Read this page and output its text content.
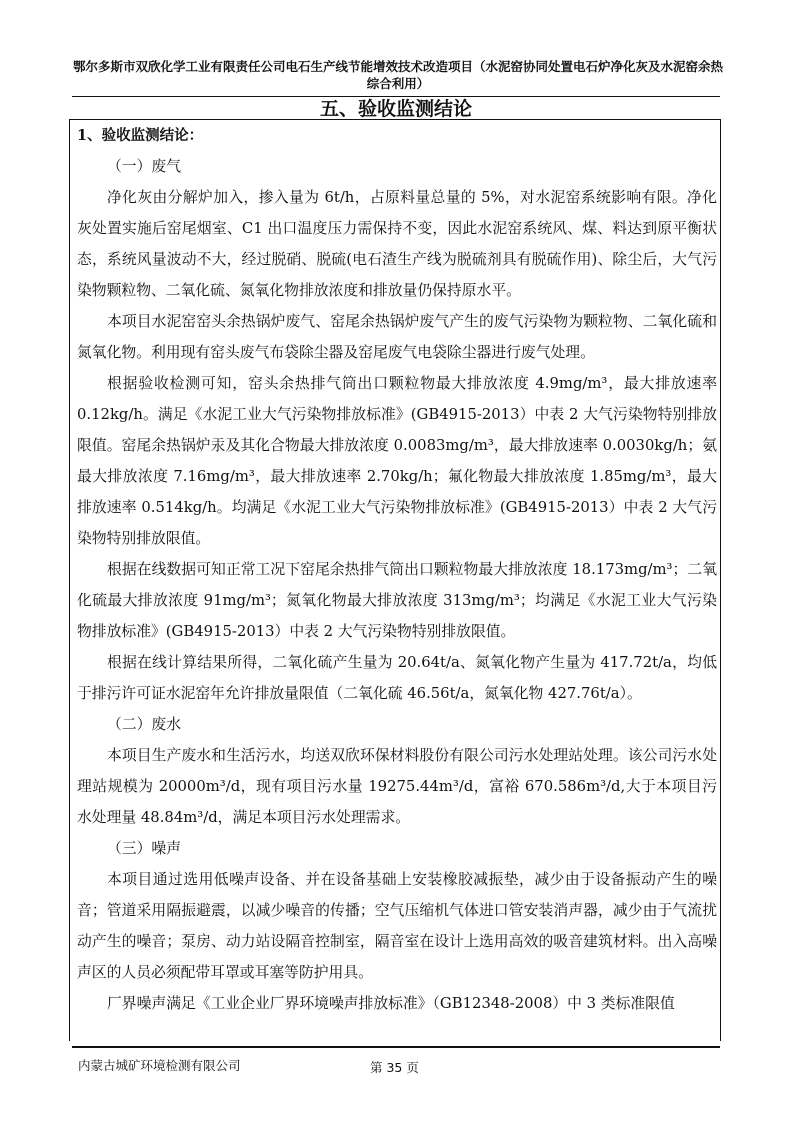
鄂尔多斯市双欣化学工业有限责任公司电石生产线节能增效技术改造项目（水泥窑协同处置电石炉净化灰及水泥窑余热综合利用）
五、验收监测结论

1、验收监测结论：

（一）废气

净化灰由分解炉加入，掺入量为 6t/h，占原料量总量的 5%，对水泥窑系统影响有限。净化灰处置实施后窑尾烟室、C1 出口温度压力需保持不变，因此水泥窑系统风、煤、料达到原平衡状态，系统风量波动不大，经过脱硝、脱硫(电石渣生产线为脱硫剂具有脱硫作用)、除尘后，大气污染物颗粒物、二氧化硫、氮氧化物排放浓度和排放量仍保持原水平。

本项目水泥窑窑头余热锅炉废气、窑尾余热锅炉废气产生的废气污染物为颗粒物、二氧化硫和氮氧化物。利用现有窑头废气布袋除尘器及窑尾废气电袋除尘器进行废气处理。

根据验收检测可知，窑头余热排气筒出口颗粒物最大排放浓度 4.9mg/m³，最大排放速率 0.12kg/h。满足《水泥工业大气污染物排放标准》(GB4915-2013）中表 2 大气污染物特别排放限值。窑尾余热锅炉汞及其化合物最大排放浓度 0.0083mg/m³，最大排放速率 0.0030kg/h；氨最大排放浓度 7.16mg/m³，最大排放速率 2.70kg/h；氟化物最大排放浓度 1.85mg/m³，最大排放速率 0.514kg/h。均满足《水泥工业大气污染物排放标准》(GB4915-2013）中表 2 大气污染物特别排放限值。

根据在线数据可知正常工况下窑尾余热排气筒出口颗粒物最大排放浓度 18.173mg/m³；二氧化硫最大排放浓度 91mg/m³；氮氧化物最大排放浓度 313mg/m³；均满足《水泥工业大气污染物排放标准》(GB4915-2013）中表 2 大气污染物特别排放限值。

根据在线计算结果所得，二氧化硫产生量为 20.64t/a、氮氧化物产生量为 417.72t/a，均低于排污许可证水泥窑年允许排放量限值（二氧化硫 46.56t/a，氮氧化物 427.76t/a）。

（二）废水

本项目生产废水和生活污水，均送双欣环保材料股份有限公司污水处理站处理。该公司污水处理站规模为 20000m³/d，现有项目污水量 19275.44m³/d，富裕 670.586m³/d,大于本项目污水处理量 48.84m³/d，满足本项目污水处理需求。

（三）噪声

本项目通过选用低噪声设备、并在设备基础上安装橡胶减振垫，减少由于设备振动产生的噪音；管道采用隔振避震，以减少噪音的传播；空气压缩机气体进口管安装消声器，减少由于气流扰动产生的噪音；泵房、动力站设隔音控制室，隔音室在设计上选用高效的吸音建筑材料。出入高噪声区的人员必须配带耳罩或耳塞等防护用具。

厂界噪声满足《工业企业厂界环境噪声排放标准》（GB12348-2008）中 3 类标准限值

内蒙古城矿环境检测有限公司	第 35 页
